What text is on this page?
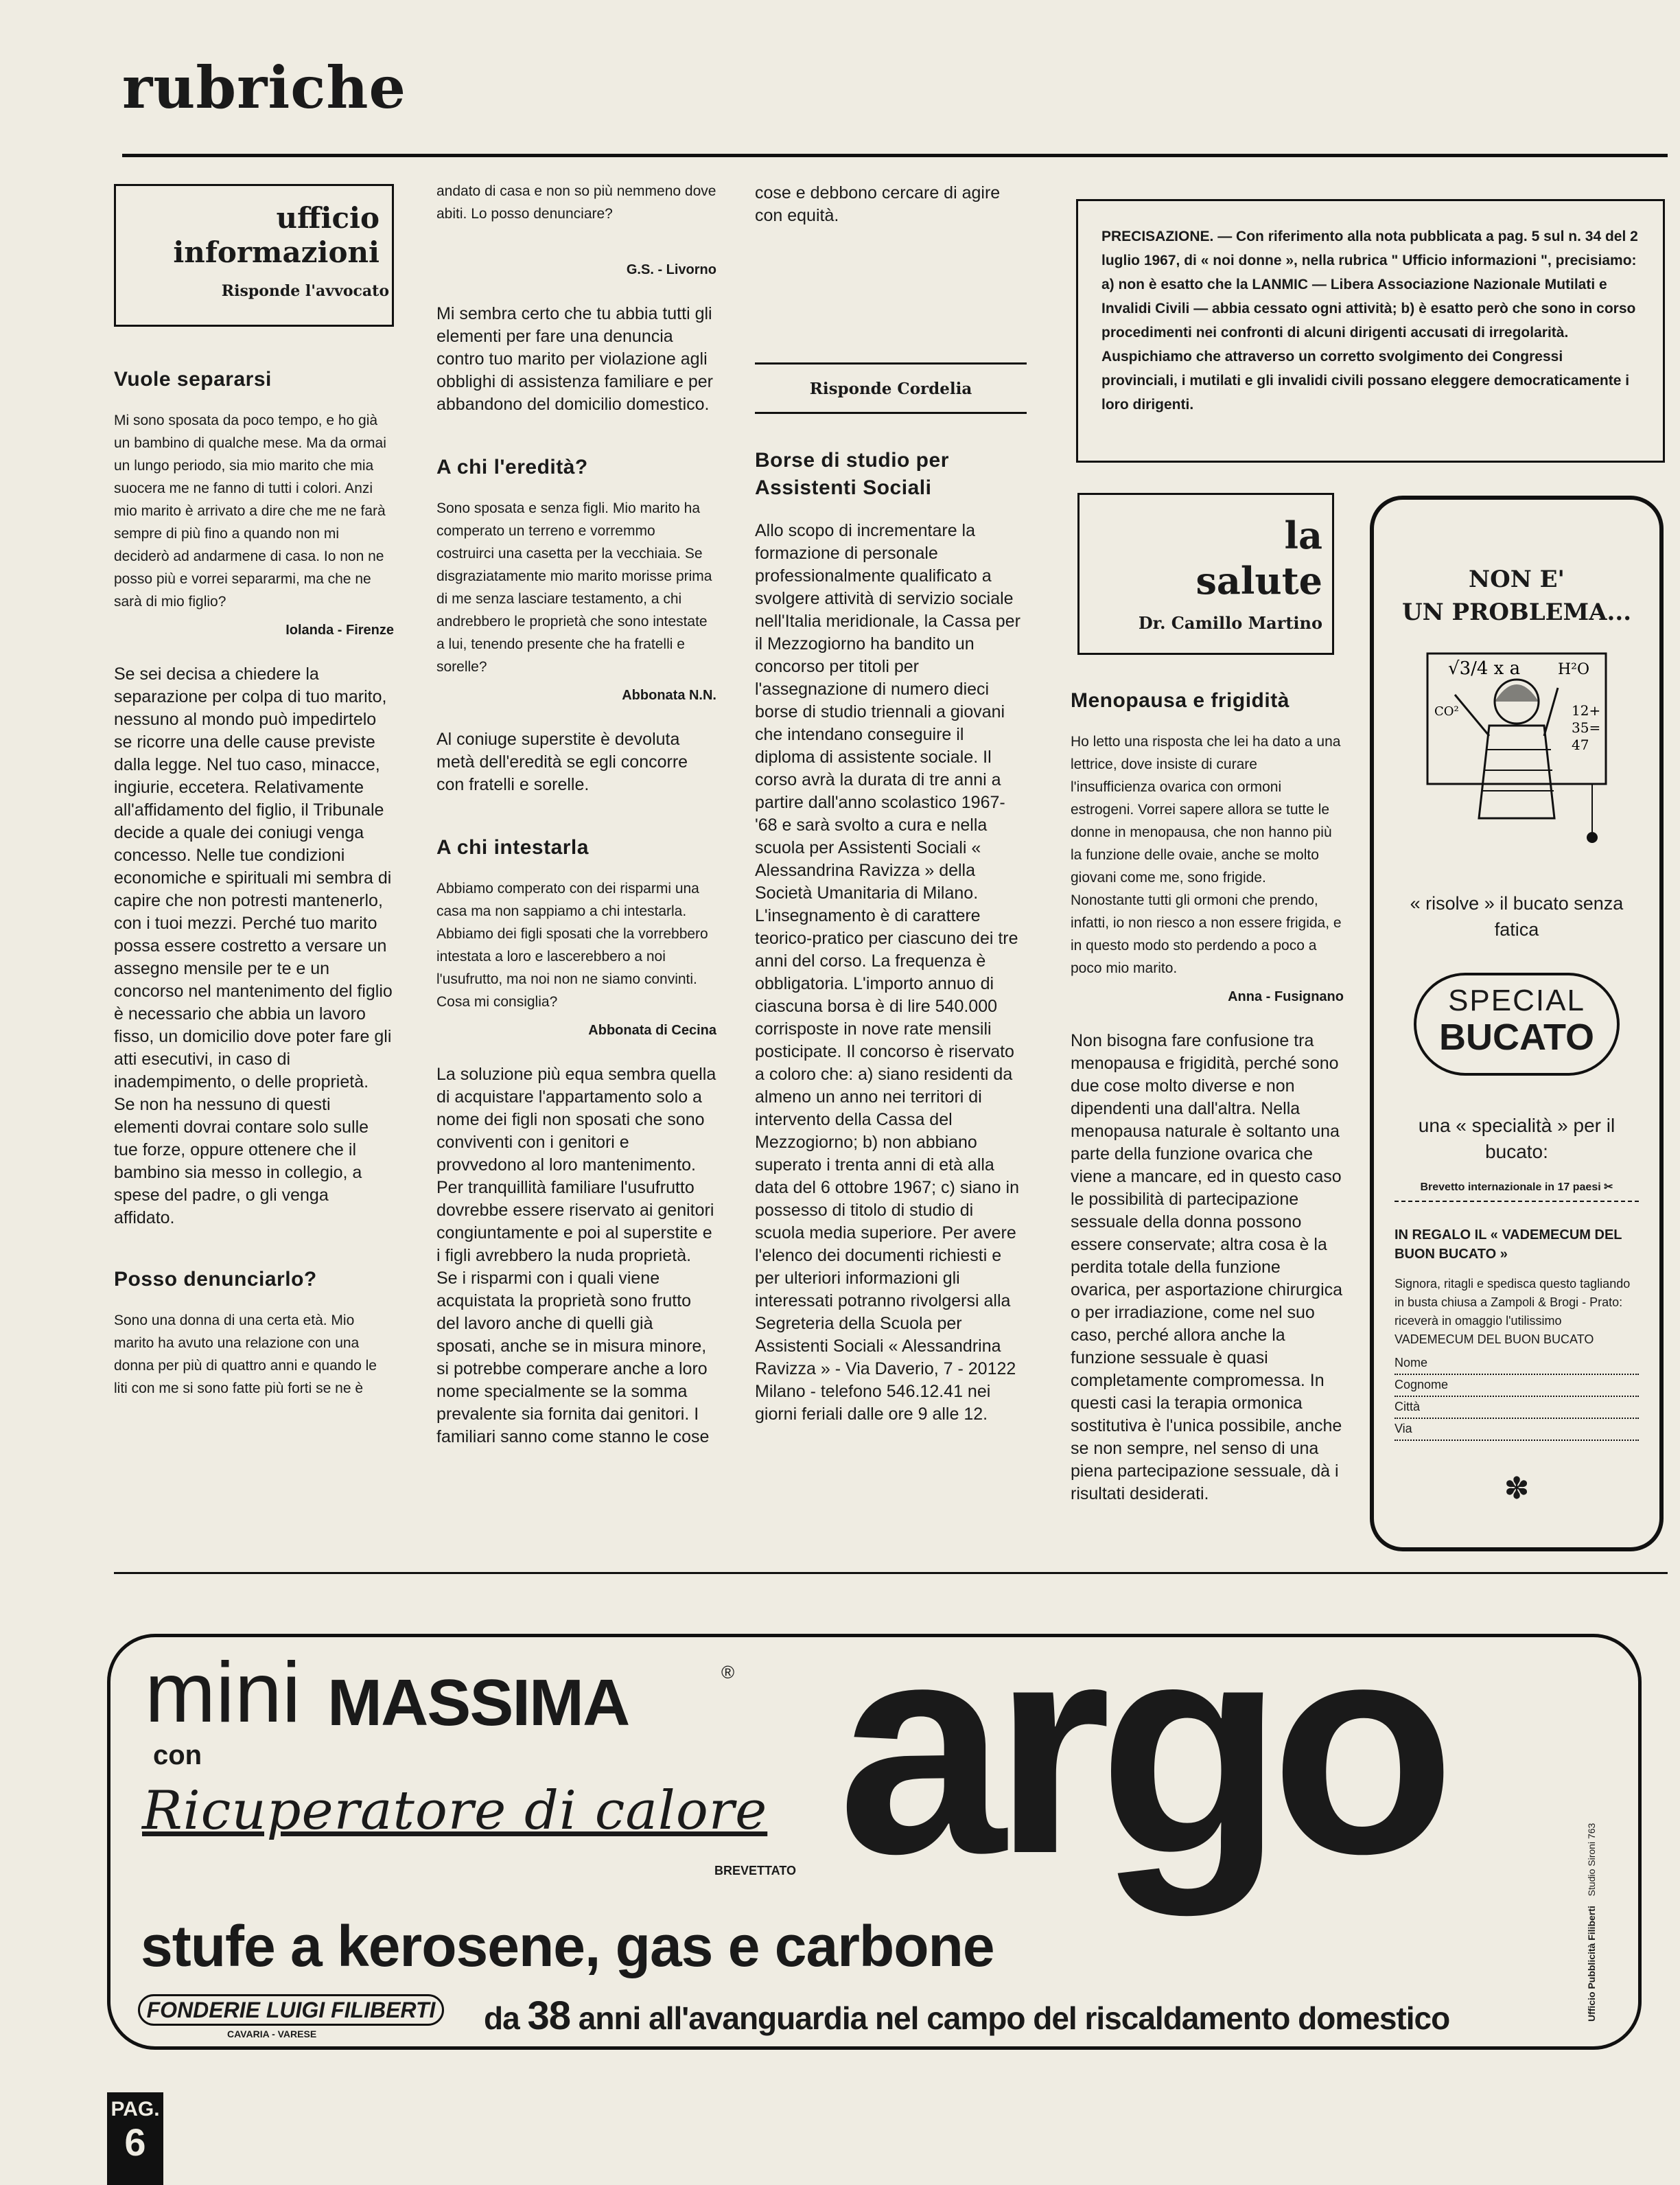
rubriche
ufficio
informazioni
Risponde l'avvocato
Vuole separarsi

Mi sono sposata da poco tempo, e ho già un bambino di qualche mese. Ma da ormai un lungo periodo, sia mio marito che mia suocera me ne fanno di tutti i colori. Anzi mio marito è arrivato a dire che me ne farà sempre di più fino a quando non mi deciderò ad andarmene di casa. Io non ne posso più e vorrei separarmi, ma che ne sarà di mio figlio?

Iolanda - Firenze

Se sei decisa a chiedere la separazione per colpa di tuo marito, nessuno al mondo può impedirtelo se ricorre una delle cause previste dalla legge. Nel tuo caso, minacce, ingiurie, eccetera. Relativamente all'affidamento del figlio, il Tribunale decide a quale dei coniugi venga concesso. Nelle tue condizioni economiche e spirituali mi sembra di capire che non potresti mantenerlo, con i tuoi mezzi. Perché tuo marito possa essere costretto a versare un assegno mensile per te e un concorso nel mantenimento del figlio è necessario che abbia un lavoro fisso, un domicilio dove poter fare gli atti esecutivi, in caso di inadempimento, o delle proprietà. Se non ha nessuno di questi elementi dovrai contare solo sulle tue forze, oppure ottenere che il bambino sia messo in collegio, a spese del padre, o gli venga affidato.

Posso denunciarlo?

Sono una donna di una certa età. Mio marito ha avuto una relazione con una donna per più di quattro anni e quando le liti con me si sono fatte più forti se ne è

andato di casa e non so più nemmeno dove abiti. Lo posso denunciare?

G.S. - Livorno

Mi sembra certo che tu abbia tutti gli elementi per fare una denuncia contro tuo marito per violazione agli obblighi di assistenza familiare e per abbandono del domicilio domestico.

A chi l'eredità?

Sono sposata e senza figli. Mio marito ha comperato un terreno e vorremmo costruirci una casetta per la vecchiaia. Se disgraziatamente mio marito morisse prima di me senza lasciare testamento, a chi andrebbero le proprietà che sono intestate a lui, tenendo presente che ha fratelli e sorelle?

Abbonata N.N.

Al coniuge superstite è devoluta metà dell'eredità se egli concorre con fratelli e sorelle.

A chi intestarla

Abbiamo comperato con dei risparmi una casa ma non sappiamo a chi intestarla. Abbiamo dei figli sposati che la vorrebbero intestata a loro e lascerebbero a noi l'usufrutto, ma noi non ne siamo convinti. Cosa mi consiglia?

Abbonata di Cecina

La soluzione più equa sembra quella di acquistare l'appartamento solo a nome dei figli non sposati che sono conviventi con i genitori e provvedono al loro mantenimento. Per tranquillità familiare l'usufrutto dovrebbe essere riservato ai genitori congiuntamente e poi al superstite e i figli avrebbero la nuda proprietà. Se i risparmi con i quali viene acquistata la proprietà sono frutto del lavoro anche di quelli già sposati, anche se in misura minore, si potrebbe comperare anche a loro nome specialmente se la somma prevalente sia fornita dai genitori. I familiari sanno come stanno le cose

cose e debbono cercare di agire con equità.

Risponde Cordelia
Borse di studio per Assistenti Sociali

Allo scopo di incrementare la formazione di personale professionalmente qualificato a svolgere attività di servizio sociale nell'Italia meridionale, la Cassa per il Mezzogiorno ha bandito un concorso per titoli per l'assegnazione di numero dieci borse di studio triennali a giovani che intendano conseguire il diploma di assistente sociale. Il corso avrà la durata di tre anni a partire dall'anno scolastico 1967-'68 e sarà svolto a cura e nella scuola per Assistenti Sociali « Alessandrina Ravizza » della Società Umanitaria di Milano. L'insegnamento è di carattere teorico-pratico per ciascuno dei tre anni del corso. La frequenza è obbligatoria. L'importo annuo di ciascuna borsa è di lire 540.000 corrisposte in nove rate mensili posticipate. Il concorso è riservato a coloro che: a) siano residenti da almeno un anno nei territori di intervento della Cassa del Mezzogiorno; b) non abbiano superato i trenta anni di età alla data del 6 ottobre 1967; c) siano in possesso di titolo di studio di scuola media superiore. Per avere l'elenco dei documenti richiesti e per ulteriori informazioni gli interessati potranno rivolgersi alla Segreteria della Scuola per Assistenti Sociali « Alessandrina Ravizza » - Via Daverio, 7 - 20122 Milano - telefono 546.12.41 nei giorni feriali dalle ore 9 alle 12.

PRECISAZIONE. — Con riferimento alla nota pubblicata a pag. 5 sul n. 34 del 2 luglio 1967, di « noi donne », nella rubrica " Ufficio informazioni ", precisiamo: a) non è esatto che la LANMIC — Libera Associazione Nazionale Mutilati e Invalidi Civili — abbia cessato ogni attività; b) è esatto però che sono in corso procedimenti nei confronti di alcuni dirigenti accusati di irregolarità. Auspichiamo che attraverso un corretto svolgimento dei Congressi provinciali, i mutilati e gli invalidi civili possano eleggere democraticamente i loro dirigenti.

la
salute
Dr. Camillo Martino
Menopausa e frigidità

Ho letto una risposta che lei ha dato a una lettrice, dove insiste di curare l'insufficienza ovarica con ormoni estrogeni. Vorrei sapere allora se tutte le donne in menopausa, che non hanno più la funzione delle ovaie, anche se molto giovani come me, sono frigide. Nonostante tutti gli ormoni che prendo, infatti, io non riesco a non essere frigida, e in questo modo sto perdendo a poco a poco mio marito.

Anna - Fusignano

Non bisogna fare confusione tra menopausa e frigidità, perché sono due cose molto diverse e non dipendenti una dall'altra. Nella menopausa naturale è soltanto una parte della funzione ovarica che viene a mancare, ed in questo caso le possibilità di partecipazione sessuale della donna possono essere conservate; altra cosa è la perdita totale della funzione ovarica, per asportazione chirurgica o per irradiazione, come nel suo caso, perché allora anche la funzione sessuale è quasi completamente compromessa. In questi casi la terapia ormonica sostitutiva è l'unica possibile, anche se non sempre, nel senso di una piena partecipazione sessuale, dà i risultati desiderati.

NON E'
UN PROBLEMA...
√3/4 x a H²O
CO²	12+
35=
47
« risolve » il bucato senza fatica
SPECIAL
BUCATO
una « specialità » per il bucato:
Brevetto internazionale in 17 paesi ✂
IN REGALO IL « VADEMECUM DEL BUON BUCATO »
Signora, ritagli e spedisca questo tagliando in busta chiusa a Zampoli & Brogi - Prato: riceverà in omaggio l'utilissimo VADEMECUM DEL BUON BUCATO
Nome
Cognome
Città
Via
✽
mini MASSIMA	®
con
Ricuperatore di calore
BREVETTATO argo
stufe a kerosene, gas e carbone
FONDERIE LUIGI FILIBERTI
CAVARIA - VARESE	da 38 anni all'avanguardia nel campo del riscaldamento domestico	Ufficio Pubblicità Filiberti Studio Sironi 763
PAG.
6
